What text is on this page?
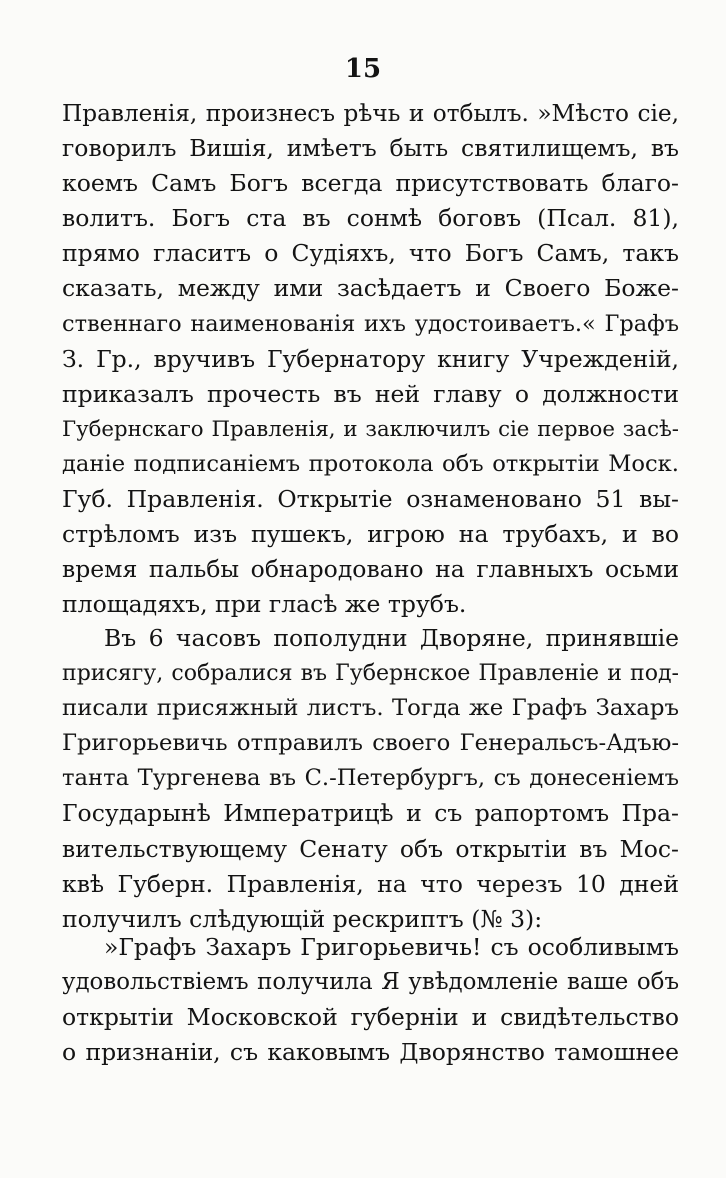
15
Правленія, произнесъ рѣчь и отбылъ. »Мѣсто сіе,
говорилъ Вишія, имѣетъ быть святилищемъ, въ
коемъ Самъ Богъ всегда присутствовать благо-
волитъ. Богъ ста въ сонмѣ боговъ (Псал. 81),
прямо гласитъ о Судіяхъ, что Богъ Самъ, такъ
сказать, между ими засѣдаетъ и Своего Боже-
ственнаго наименованія ихъ удостоиваетъ.« Графъ
З. Гр., вручивъ Губернатору книгу Учрежденій,
приказалъ прочесть въ ней главу о должности
Губернскаго Правленія, и заключилъ сіе первое засѣ-
даніе подписаніемъ протокола объ открытіи Моск.
Губ. Правленія. Открытіе ознаменовано 51 вы-
стрѣломъ изъ пушекъ, игрою на трубахъ, и во
время пальбы обнародовано на главныхъ осьми
площадяхъ, при гласѣ же трубъ.
Въ 6 часовъ пополудни Дворяне, принявшіе
присягу, собралися въ Губернское Правленіе и под-
писали присяжный листъ. Тогда же Графъ Захаръ
Григорьевичь отправилъ своего Генеральсъ-Адъю-
танта Тургенева въ С.-Петербургъ, съ донесеніемъ
Государынѣ Императрицѣ и съ рапортомъ Пра-
вительствующему Сенату объ открытіи въ Мос-
квѣ Губерн. Правленія, на что черезъ 10 дней
получилъ слѣдующій рескриптъ (№ 3):
»Графъ Захаръ Григорьевичь! съ особливымъ
удовольствіемъ получила Я увѣдомленіе ваше объ
открытіи Московской губерніи и свидѣтельство
о признаніи, съ каковымъ Дворянство тамошнее
